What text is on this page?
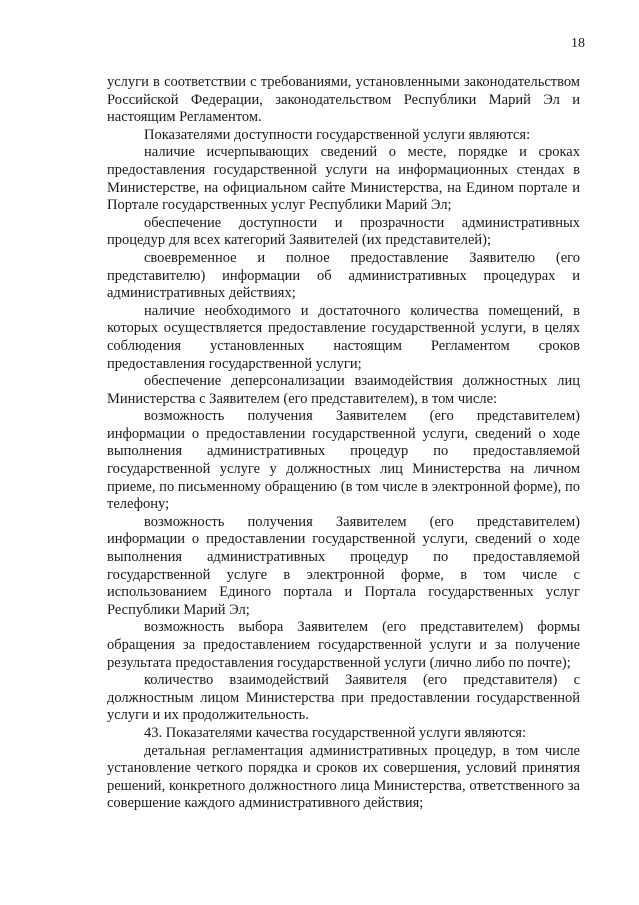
18

услуги в соответствии с требованиями, установленными законодательством Российской Федерации, законодательством Республики Марий Эл и настоящим Регламентом.

Показателями доступности государственной услуги являются:

наличие исчерпывающих сведений о месте, порядке и сроках предоставления государственной услуги на информационных стендах в Министерстве, на официальном сайте Министерства, на Едином портале и Портале государственных услуг Республики Марий Эл;

обеспечение доступности и прозрачности административных процедур для всех категорий Заявителей (их представителей);

своевременное и полное предоставление Заявителю (его представителю) информации об административных процедурах и административных действиях;

наличие необходимого и достаточного количества помещений, в которых осуществляется предоставление государственной услуги, в целях соблюдения установленных настоящим Регламентом сроков предоставления государственной услуги;

обеспечение деперсонализации взаимодействия должностных лиц Министерства с Заявителем (его представителем), в том числе:

возможность получения Заявителем (его представителем) информации о предоставлении государственной услуги, сведений о ходе выполнения административных процедур по предоставляемой государственной услуге у должностных лиц Министерства на личном приеме, по письменному обращению (в том числе в электронной форме), по телефону;

возможность получения Заявителем (его представителем) информации о предоставлении государственной услуги, сведений о ходе выполнения административных процедур по предоставляемой государственной услуге в электронной форме, в том числе с использованием Единого портала и Портала государственных услуг Республики Марий Эл;

возможность выбора Заявителем (его представителем) формы обращения за предоставлением государственной услуги и за получение результата предоставления государственной услуги (лично либо по почте);

количество взаимодействий Заявителя (его представителя) с должностным лицом Министерства при предоставлении государственной услуги и их продолжительность.

43. Показателями качества государственной услуги являются:

детальная регламентация административных процедур, в том числе установление четкого порядка и сроков их совершения, условий принятия решений, конкретного должностного лица Министерства, ответственного за совершение каждого административного действия;
